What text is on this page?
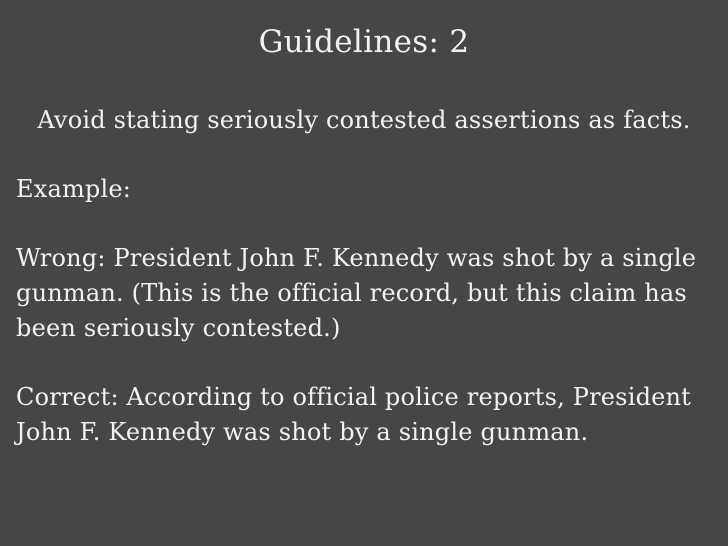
Guidelines: 2
Avoid stating seriously contested assertions as facts.
Example:
Wrong: President John F. Kennedy was shot by a single
gunman. (This is the official record, but this claim has
been seriously contested.)
Correct: According to official police reports, President
John F. Kennedy was shot by a single gunman.
